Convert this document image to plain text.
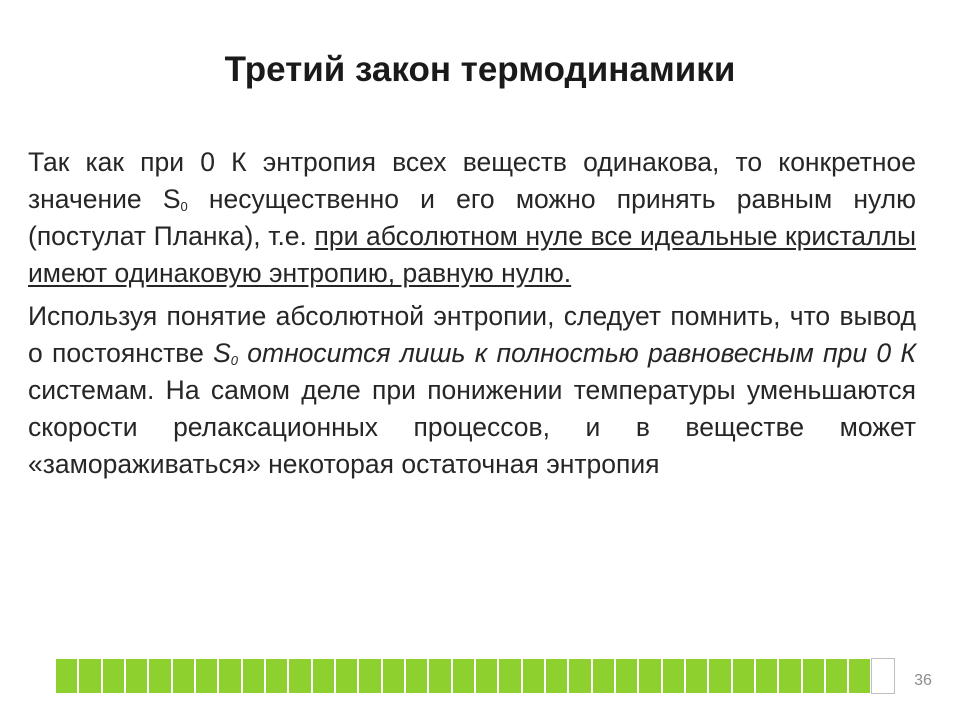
Третий закон термодинамики

Так как при 0 К энтропия всех веществ одинакова, то конкретное значение $S_0$ несущественно и его можно принять равным нулю (постулат Планка), т.е. при абсолютном нуле все идеальные кристаллы имеют одинаковую энтропию, равную нулю.

Используя понятие абсолютной энтропии, следует помнить, что вывод о постоянстве $S_0$ относится лишь к полностью равновесным при 0 К системам. На самом деле при понижении температуры уменьшаются скорости релаксационных процессов, и в веществе может «замораживаться» некоторая остаточная энтропия

36
